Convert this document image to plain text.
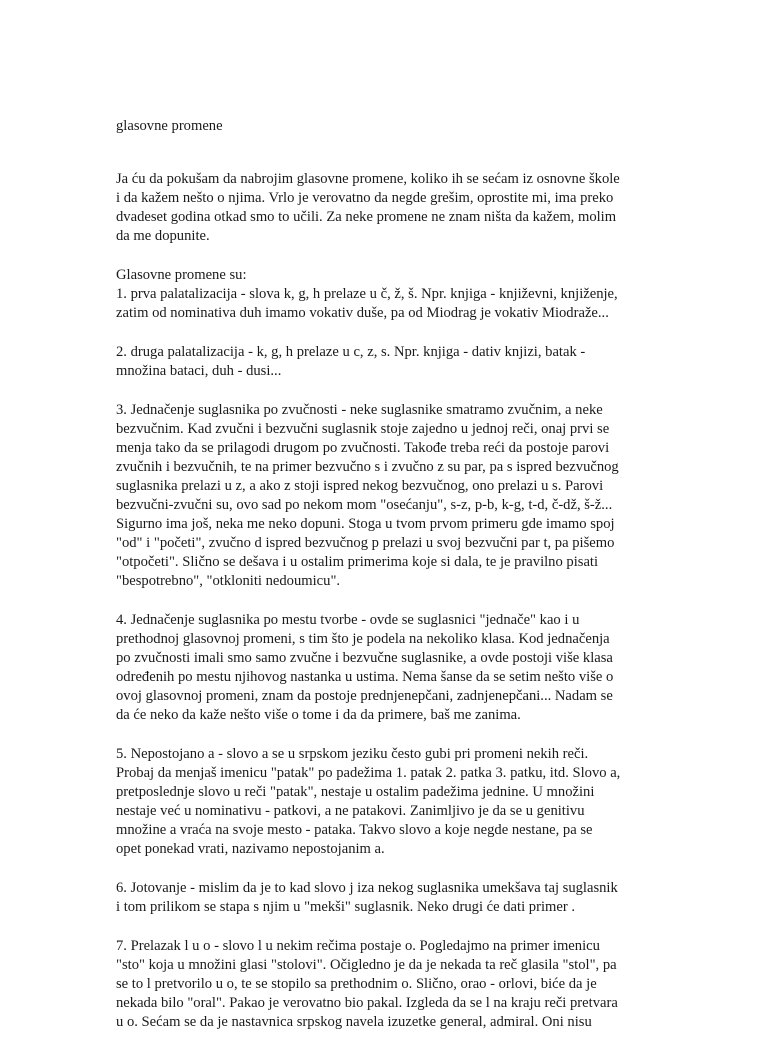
glasovne promene
Ja ću da pokušam da nabrojim glasovne promene, koliko ih se sećam iz osnovne škole
i da kažem nešto o njima. Vrlo je verovatno da negde grešim, oprostite mi, ima preko
dvadeset godina otkad smo to učili. Za neke promene ne znam ništa da kažem, molim
da me dopunite.
Glasovne promene su:
1. prva palatalizacija - slova k, g, h prelaze u č, ž, š. Npr. knjiga - književni, knjiženje,
zatim od nominativa duh imamo vokativ duše, pa od Miodrag je vokativ Miodraže...
2. druga palatalizacija - k, g, h prelaze u c, z, s. Npr. knjiga - dativ knjizi, batak -
množina bataci, duh - dusi...
3. Jednačenje suglasnika po zvučnosti - neke suglasnike smatramo zvučnim, a neke
bezvučnim. Kad zvučni i bezvučni suglasnik stoje zajedno u jednoj reči, onaj prvi se
menja tako da se prilagodi drugom po zvučnosti. Takođe treba reći da postoje parovi
zvučnih i bezvučnih, te na primer bezvučno s i zvučno z su par, pa s ispred bezvučnog
suglasnika prelazi u z, a ako z stoji ispred nekog bezvučnog, ono prelazi u s. Parovi
bezvučni-zvučni su, ovo sad po nekom mom "osećanju", s-z, p-b, k-g, t-d, č-dž, š-ž...
Sigurno ima još, neka me neko dopuni. Stoga u tvom prvom primeru gde imamo spoj
"od" i "početi", zvučno d ispred bezvučnog p prelazi u svoj bezvučni par t, pa pišemo
"otpočeti". Slično se dešava i u ostalim primerima koje si dala, te je pravilno pisati
"bespotrebno", "otkloniti nedoumicu".
4. Jednačenje suglasnika po mestu tvorbe - ovde se suglasnici "jednače" kao i u
prethodnoj glasovnoj promeni, s tim što je podela na nekoliko klasa. Kod jednačenja
po zvučnosti imali smo samo zvučne i bezvučne suglasnike, a ovde postoji više klasa
određenih po mestu njihovog nastanka u ustima. Nema šanse da se setim nešto više o
ovoj glasovnoj promeni, znam da postoje prednjenepčani, zadnjenepčani... Nadam se
da će neko da kaže nešto više o tome i da da primere, baš me zanima.
5. Nepostojano a - slovo a se u srpskom jeziku često gubi pri promeni nekih reči.
Probaj da menjaš imenicu "patak" po padežima 1. patak 2. patka 3. patku, itd. Slovo a,
pretposlednje slovo u reči "patak", nestaje u ostalim padežima jednine. U množini
nestaje već u nominativu - patkovi, a ne patakovi. Zanimljivo je da se u genitivu
množine a vraća na svoje mesto - pataka. Takvo slovo a koje negde nestane, pa se
opet ponekad vrati, nazivamo nepostojanim a.
6. Jotovanje - mislim da je to kad slovo j iza nekog suglasnika umekšava taj suglasnik
i tom prilikom se stapa s njim u "mekši" suglasnik. Neko drugi će dati primer .
7. Prelazak l u o - slovo l u nekim rečima postaje o. Pogledajmo na primer imenicu
"sto" koja u množini glasi "stolovi". Očigledno je da je nekada ta reč glasila "stol", pa
se to l pretvorilo u o, te se stopilo sa prethodnim o. Slično, orao - orlovi, biće da je
nekada bilo "oral". Pakao je verovatno bio pakal. Izgleda da se l na kraju reči pretvara
u o. Sećam se da je nastavnica srpskog navela izuzetke general, admiral. Oni nisu
